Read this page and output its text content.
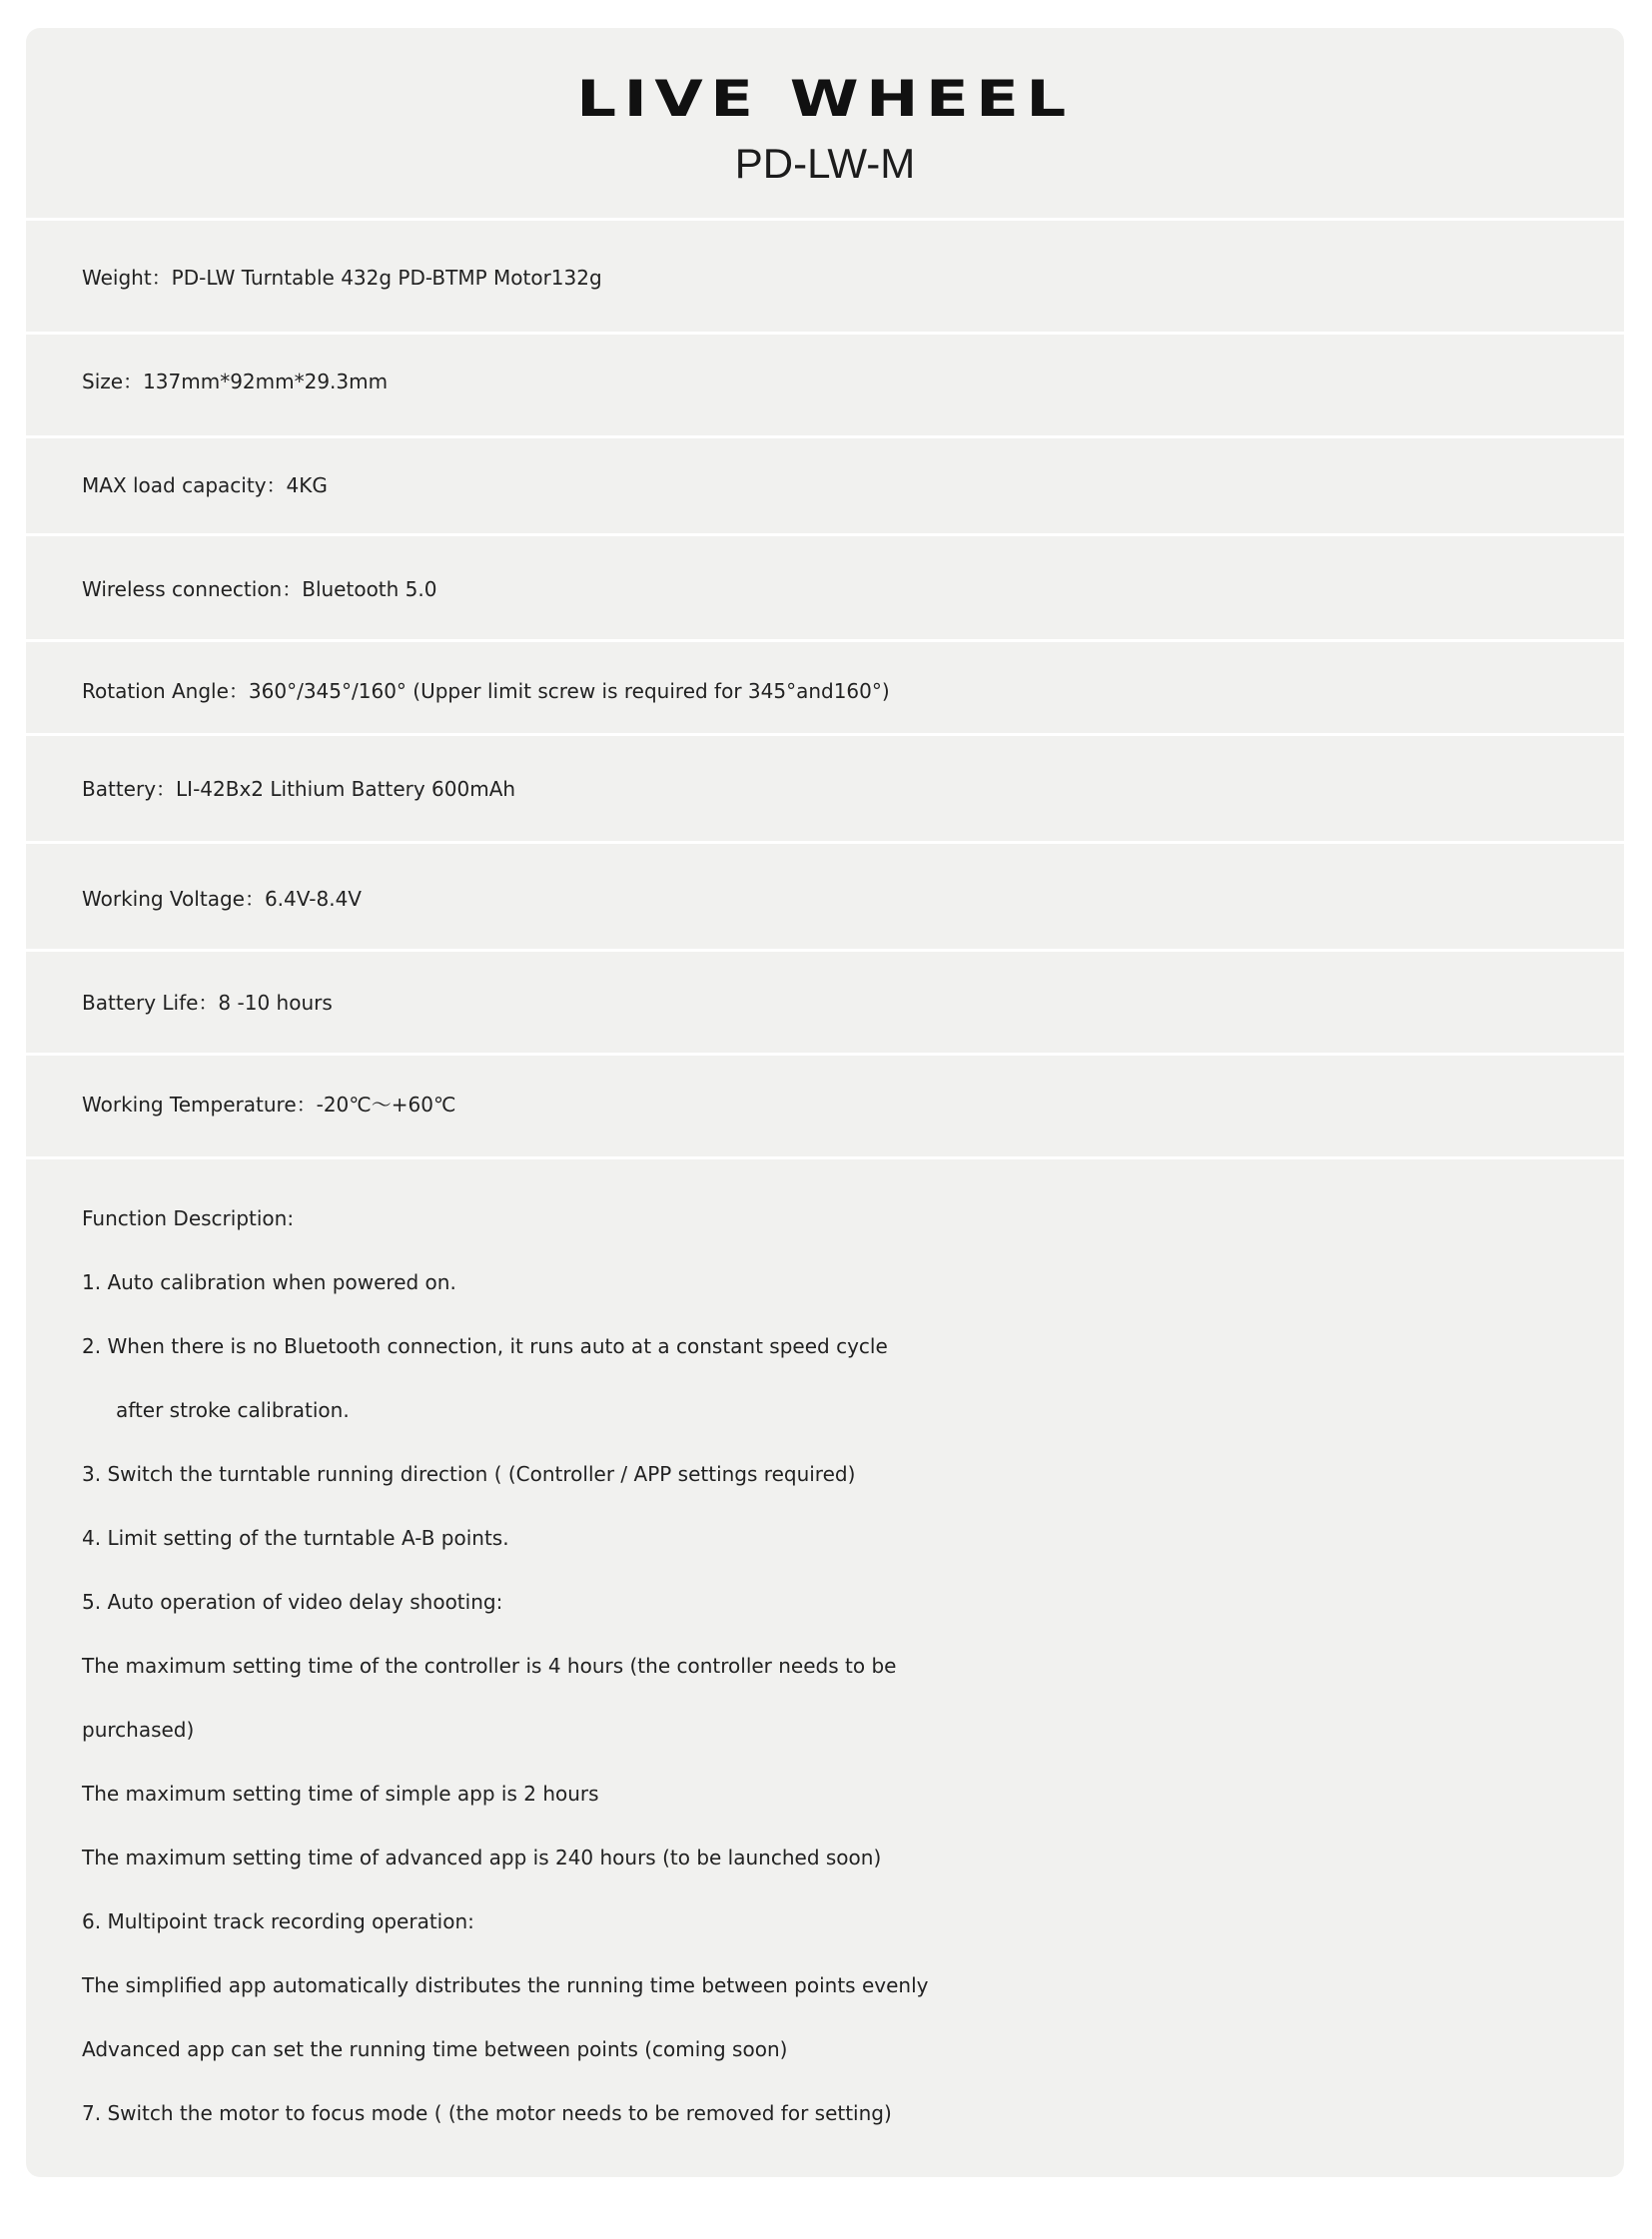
LIVE WHEEL
PD-LW-M
Weight：PD-LW Turntable 432g PD-BTMP Motor132g
Size：137mm*92mm*29.3mm
MAX load capacity：4KG
Wireless connection：Bluetooth 5.0
Rotation Angle：360°/345°/160° (Upper limit screw is required for 345°and160°)
Battery：LI-42Bx2 Lithium Battery 600mAh
Working Voltage：6.4V-8.4V
Battery Life：8 -10 hours
Working Temperature：-20℃～+60℃
Function Description:
1. Auto calibration when powered on.
2. When there is no Bluetooth connection, it runs auto at a constant speed cycle
after stroke calibration.
3. Switch the turntable running direction ( (Controller / APP settings required)
4. Limit setting of the turntable A-B points.
5. Auto operation of video delay shooting:
The maximum setting time of the controller is 4 hours (the controller needs to be
purchased)
The maximum setting time of simple app is 2 hours
The maximum setting time of advanced app is 240 hours (to be launched soon)
6. Multipoint track recording operation:
The simplified app automatically distributes the running time between points evenly
Advanced app can set the running time between points (coming soon)
7. Switch the motor to focus mode ( (the motor needs to be removed for setting)
